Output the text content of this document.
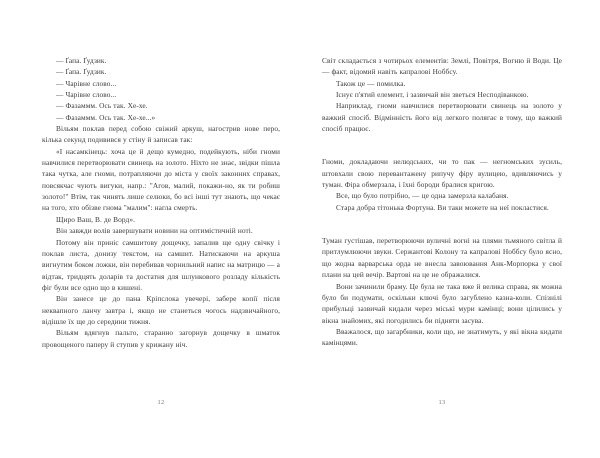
— Ґапа. Ґудзик.

— Ґапа. Ґудзик.

— Чарівне слово...

— Чарівне слово...

— Фазаммм. Ось так. Хе-хе.

— Фазаммм. Ось так. Хе-хе...»

Вільям поклав перед собою свіжий аркуш, нагострив нове перо, кілька секунд подивився у стіну й записав так:

«І насамкінець: хоча це й дещо кумедно, подейкують, ніби гноми навчилися перетворювати свинець на золото. Ніхто не знає, звідки пішла така чутка, але гноми, потрапляючи до міста у своїх законних справах, повсякчас чують вигуки, напр.: "Агов, малий, покажи-но, як ти робиш золото!" Втім, так чинять лише селюки, бо всі інші тут знають, що чекає на того, хто обізве гнома "малим": нагла смерть.

Щиро Ваш, В. де Ворд».

Він завжди волів завершувати новини на оптимістичній ноті.

Потому він приніс самшитову дощечку, запалив ще одну свічку і поклав листа, донизу текстом, на самшит. Натискаючи на аркуша вигнутим боком ложки, він перебивав чорнильний напис на матрицю — а відтак, тридцять доларів та достатня для шлункового розладу кількість фіг були все одно що в кишені.

Він занесе це до пана Кріпслока увечері, забере копії після неквапного ланчу завтра і, якщо не станеться чогось надзвичайного, відішле їх ще до середини тижня.

Вільям вдягнув пальто, старанно загорнув дощечку в шматок провощеного паперу й ступив у крижану ніч.

12

Світ складається з чотирьох елементів: Землі, Повітря, Вогню й Води. Це — факт, відомий навіть капралові Ноббсу.

Також це — помилка.

Існує п'ятий елемент, і зазвичай він зветься Несподіванкою.

Наприклад, гноми навчилися перетворювати свинець на золото у важкий спосіб. Відмінність його від легкого полягає в тому, що важкий спосіб працює.

Гноми, докладаючи нелюдських, чи то пак — негномських зусиль, штовхали свою перевантажену рипучу фіру вулицею, вдивляючись у туман. Фіра обмерзала, і їхні бороди бралися кригою.

Все, що було потрібно, — це одна замерзла калабаня.

Стара добра тітонька Фортуна. Ви таки можете на неї покластися.

Туман густішав, перетворюючи вуличні вогні на плями тьмяного світла й притлумлюючи звуки. Сержантові Колону та капралові Ноббсу було ясно, що жодна варварська орда не внесла завоювання Анк-Морпорка у свої плани на цей вечір. Вартові на це не ображалися.

Вони зачинили браму. Це була не така вже й велика справа, як можна було би подумати, оскільки ключі було загублено казна-коли. Спізнілі прибульці зазвичай кидали через міські мури камінці; вони цілились у вікна знайомих, які погодились би підняти засува.

Вважалося, що загарбники, коли що, не знатимуть, у які вікна кидати камінцями.

13
